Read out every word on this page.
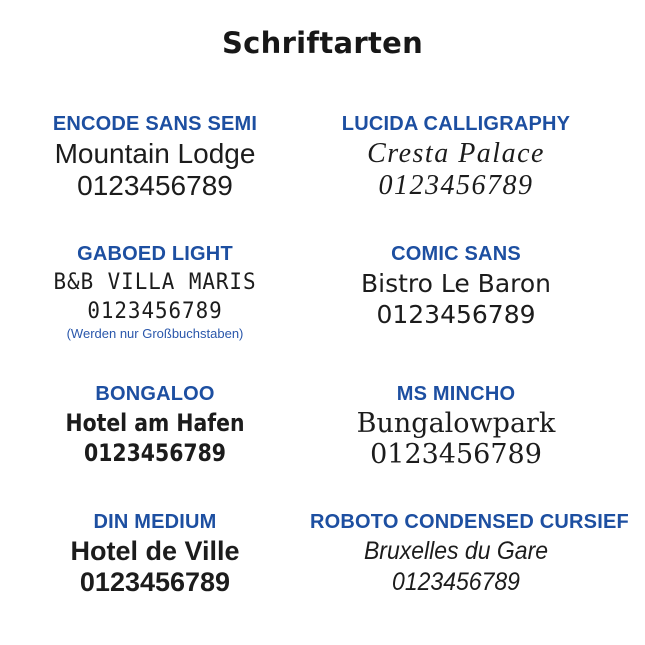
Schriftarten
ENCODE SANS SEMI
Mountain Lodge
0123456789
LUCIDA CALLIGRAPHY
Cresta Palace
0123456789
GABOED LIGHT
B&B VILLA MARIS
0123456789
(Werden nur Großbuchstaben)
COMIC SANS
Bistro Le Baron
0123456789
BONGALOO
Hotel am Hafen
0123456789
MS MINCHO
Bungalowpark
0123456789
DIN MEDIUM
Hotel de Ville
0123456789
ROBOTO CONDENSED CURSIEF
Bruxelles du Gare
0123456789
